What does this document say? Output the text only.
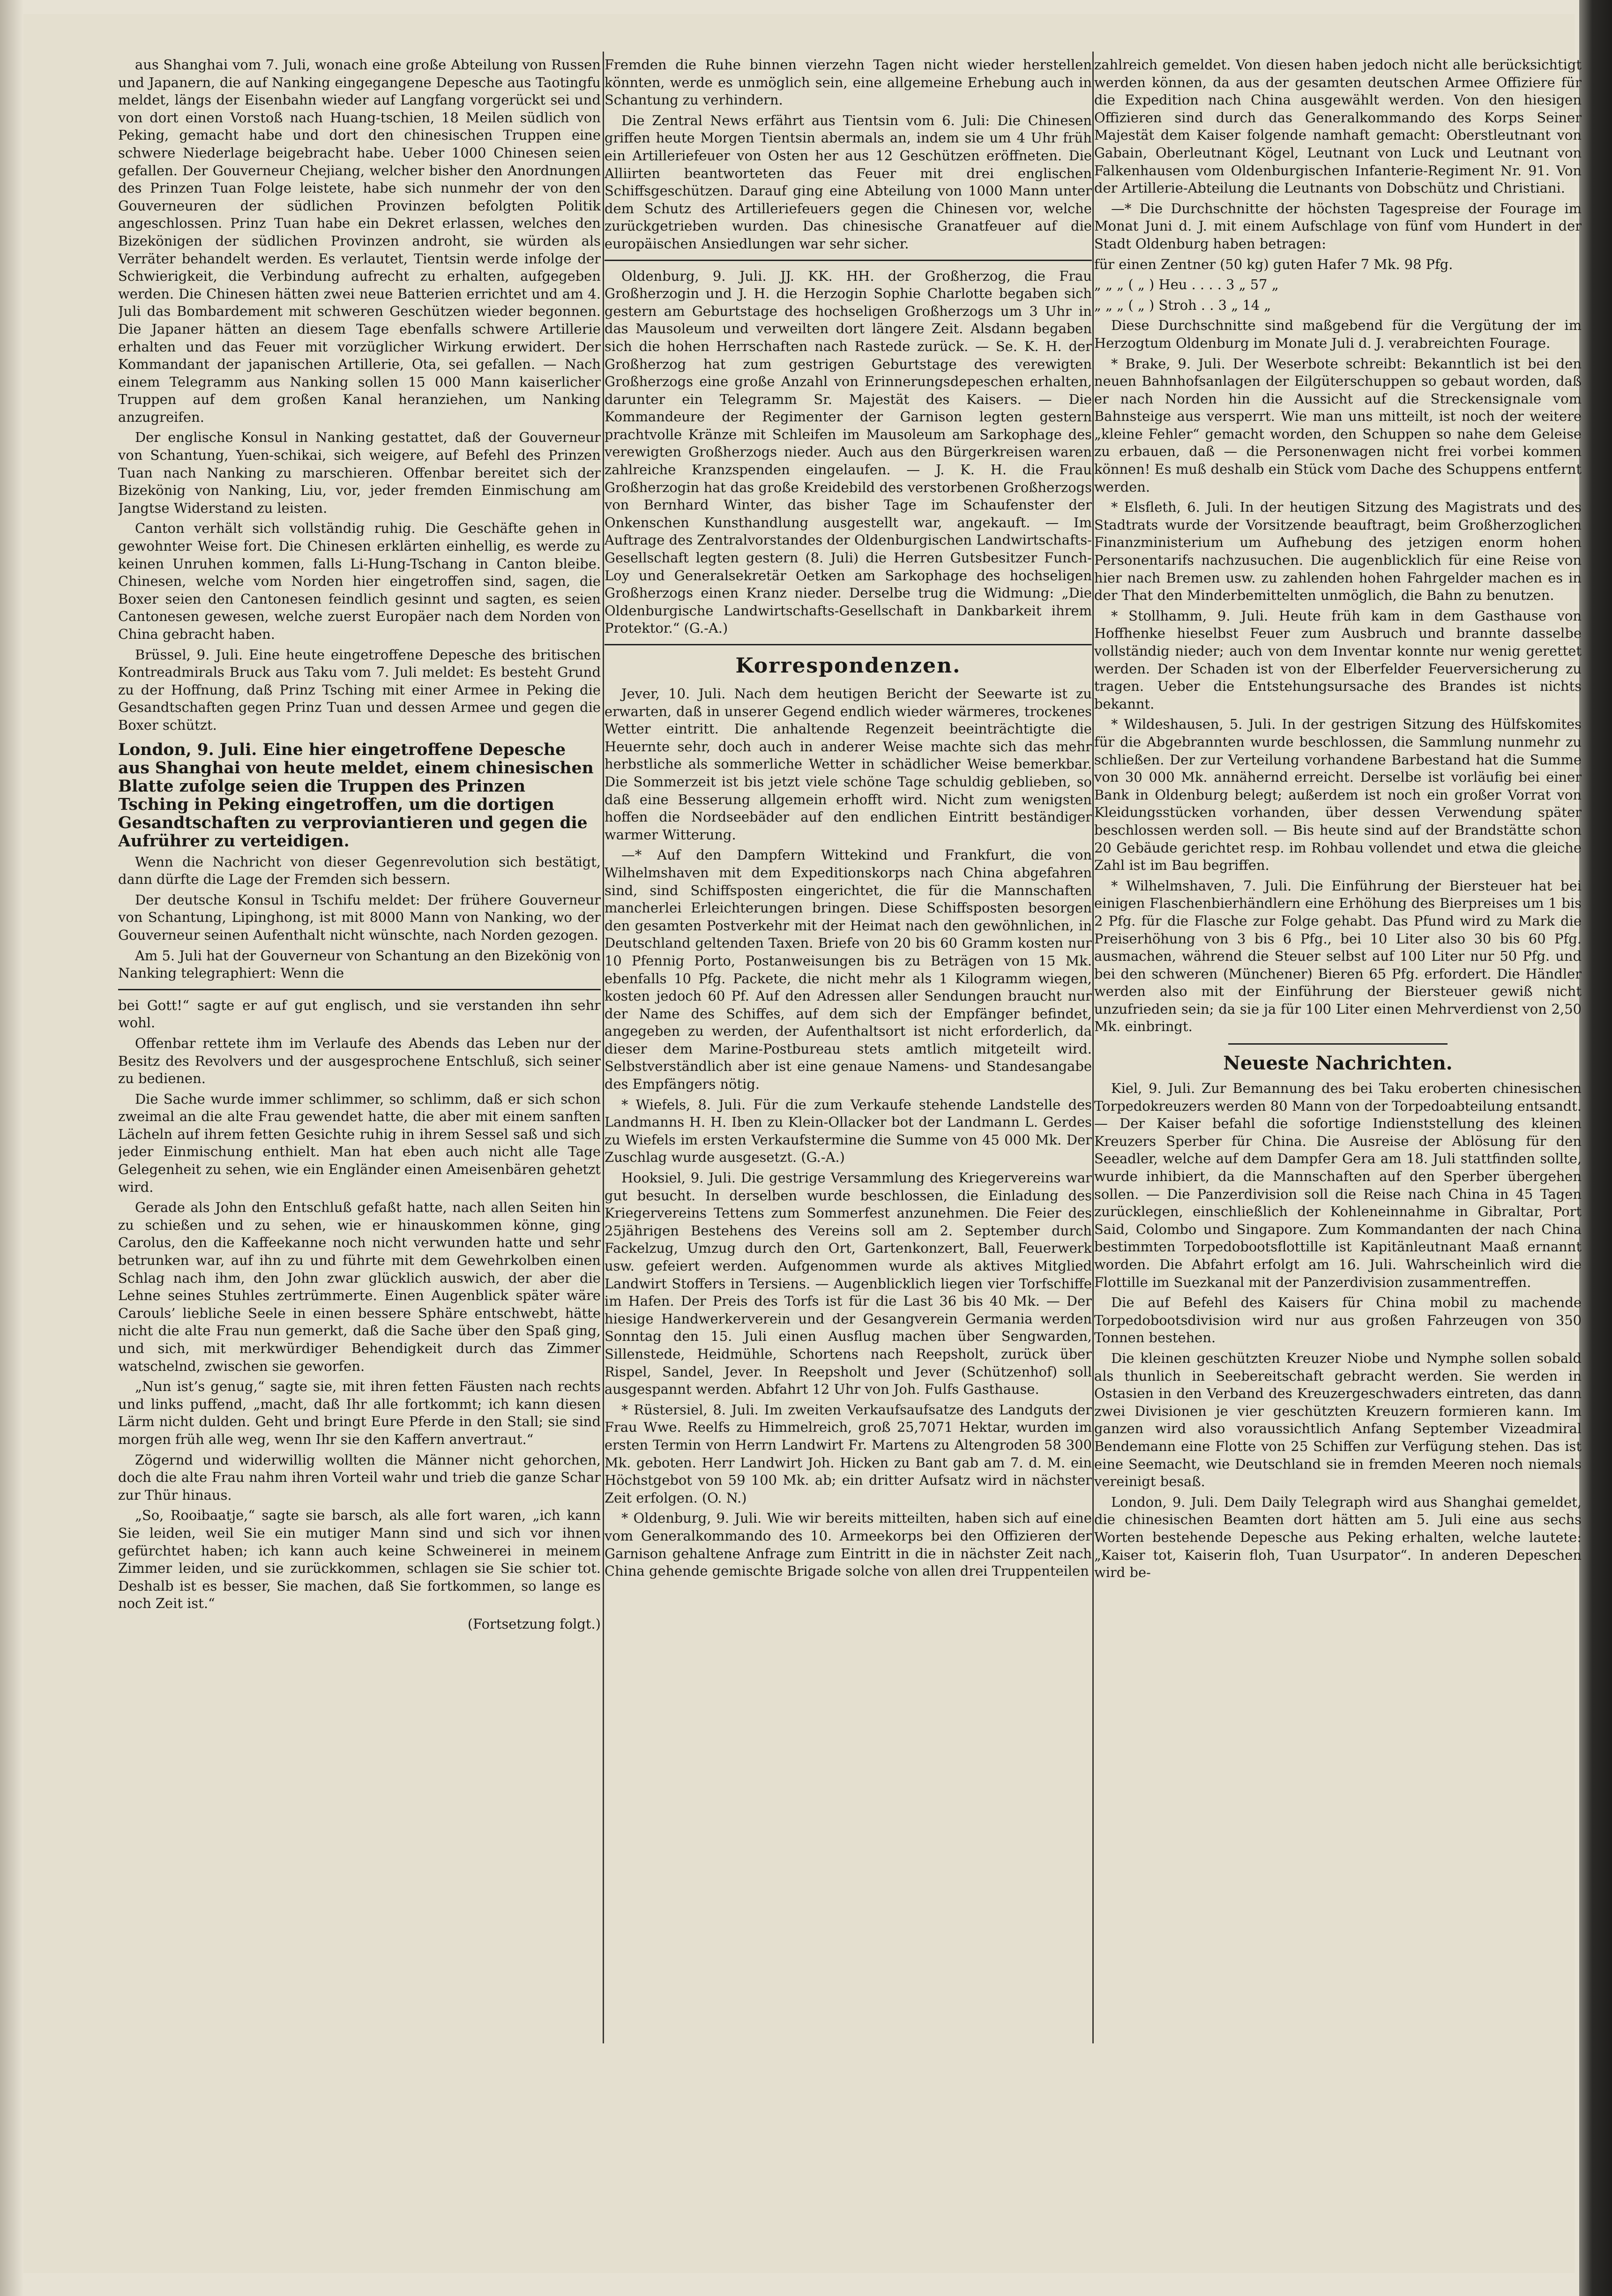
aus Shanghai vom 7. Juli, wonach eine große Abteilung von Russen und Japanern, die auf Nanking eingegangene Depesche aus Taotingfu meldet, längs der Eisenbahn wieder auf Langfang vorgerückt sei und von dort einen Vorstoß nach Huang-tschien, 18 Meilen südlich von Peking, gemacht habe und dort den chinesischen Truppen eine schwere Niederlage beigebracht habe. Ueber 1000 Chinesen seien gefallen. Der Gouverneur Chejiang, welcher bisher den Anordnungen des Prinzen Tuan Folge leistete, habe sich nunmehr der von den Gouverneuren der südlichen Provinzen befolgten Politik angeschlossen. Prinz Tuan habe ein Dekret erlassen, welches den Bizekönigen der südlichen Provinzen androht, sie würden als Verräter behandelt werden. Es verlautet, Tientsin werde infolge der Schwierigkeit, die Verbindung aufrecht zu erhalten, aufgegeben werden. Die Chinesen hätten zwei neue Batterien errichtet und am 4. Juli das Bombardement mit schweren Geschützen wieder begonnen. Die Japaner hätten an diesem Tage ebenfalls schwere Artillerie erhalten und das Feuer mit vorzüglicher Wirkung erwidert. Der Kommandant der japanischen Artillerie, Ota, sei gefallen. — Nach einem Telegramm aus Nanking sollen 15 000 Mann kaiserlicher Truppen auf dem großen Kanal heranziehen, um Nanking anzugreifen.

Der englische Konsul in Nanking gestattet, daß der Gouverneur von Schantung, Yuen-schikai, sich weigere, auf Befehl des Prinzen Tuan nach Nanking zu marschieren. Offenbar bereitet sich der Bizekönig von Nanking, Liu, vor, jeder fremden Einmischung am Jangtse Widerstand zu leisten.

Canton verhält sich vollständig ruhig. Die Geschäfte gehen in gewohnter Weise fort. Die Chinesen erklärten einhellig, es werde zu keinen Unruhen kommen, falls Li-Hung-Tschang in Canton bleibe. Chinesen, welche vom Norden hier eingetroffen sind, sagen, die Boxer seien den Cantonesen feindlich gesinnt und sagten, es seien Cantonesen gewesen, welche zuerst Europäer nach dem Norden von China gebracht haben.

Brüssel, 9. Juli. Eine heute eingetroffene Depesche des britischen Kontreadmirals Bruck aus Taku vom 7. Juli meldet: Es besteht Grund zu der Hoffnung, daß Prinz Tsching mit einer Armee in Peking die Gesandtschaften gegen Prinz Tuan und dessen Armee und gegen die Boxer schützt.

London, 9. Juli. Eine hier eingetroffene Depesche aus Shanghai von heute meldet, einem chinesischen Blatte zufolge seien die Truppen des Prinzen Tsching in Peking eingetroffen, um die dortigen Gesandtschaften zu verproviantieren und gegen die Aufrührer zu verteidigen.

Wenn die Nachricht von dieser Gegenrevolution sich bestätigt, dann dürfte die Lage der Fremden sich bessern.

Der deutsche Konsul in Tschifu meldet: Der frühere Gouverneur von Schantung, Lipinghong, ist mit 8000 Mann von Nanking, wo der Gouverneur seinen Aufenthalt nicht wünschte, nach Norden gezogen.

Am 5. Juli hat der Gouverneur von Schantung an den Bizekönig von Nanking telegraphiert: Wenn die

bei Gott!“ sagte er auf gut englisch, und sie verstanden ihn sehr wohl.

Offenbar rettete ihm im Verlaufe des Abends das Leben nur der Besitz des Revolvers und der ausgesprochene Entschluß, sich seiner zu bedienen.

Die Sache wurde immer schlimmer, so schlimm, daß er sich schon zweimal an die alte Frau gewendet hatte, die aber mit einem sanften Lächeln auf ihrem fetten Gesichte ruhig in ihrem Sessel saß und sich jeder Einmischung enthielt. Man hat eben auch nicht alle Tage Gelegenheit zu sehen, wie ein Engländer einen Ameisenbären gehetzt wird.

Gerade als John den Entschluß gefaßt hatte, nach allen Seiten hin zu schießen und zu sehen, wie er hinauskommen könne, ging Carolus, den die Kaffeekanne noch nicht verwunden hatte und sehr betrunken war, auf ihn zu und führte mit dem Gewehrkolben einen Schlag nach ihm, den John zwar glücklich auswich, der aber die Lehne seines Stuhles zertrümmerte. Einen Augenblick später wäre Carouls’ liebliche Seele in einen bessere Sphäre entschwebt, hätte nicht die alte Frau nun gemerkt, daß die Sache über den Spaß ging, und sich, mit merkwürdiger Behendigkeit durch das Zimmer watschelnd, zwischen sie geworfen.

„Nun ist’s genug,“ sagte sie, mit ihren fetten Fäusten nach rechts und links puffend, „macht, daß Ihr alle fortkommt; ich kann diesen Lärm nicht dulden. Geht und bringt Eure Pferde in den Stall; sie sind morgen früh alle weg, wenn Ihr sie den Kaffern anvertraut.“

Zögernd und widerwillig wollten die Männer nicht gehorchen, doch die alte Frau nahm ihren Vorteil wahr und trieb die ganze Schar zur Thür hinaus.

„So, Rooibaatje,“ sagte sie barsch, als alle fort waren, „ich kann Sie leiden, weil Sie ein mutiger Mann sind und sich vor ihnen gefürchtet haben; ich kann auch keine Schweinerei in meinem Zimmer leiden, und sie zurückkommen, schlagen sie Sie schier tot. Deshalb ist es besser, Sie machen, daß Sie fortkommen, so lange es noch Zeit ist.“

(Fortsetzung folgt.)

Fremden die Ruhe binnen vierzehn Tagen nicht wieder herstellen könnten, werde es unmöglich sein, eine allgemeine Erhebung auch in Schantung zu verhindern.

Die Zentral News erfährt aus Tientsin vom 6. Juli: Die Chinesen griffen heute Morgen Tientsin abermals an, indem sie um 4 Uhr früh ein Artilleriefeuer von Osten her aus 12 Geschützen eröffneten. Die Alliirten beantworteten das Feuer mit drei englischen Schiffsgeschützen. Darauf ging eine Abteilung von 1000 Mann unter dem Schutz des Artilleriefeuers gegen die Chinesen vor, welche zurückgetrieben wurden. Das chinesische Granatfeuer auf die europäischen Ansiedlungen war sehr sicher.

Oldenburg, 9. Juli. JJ. KK. HH. der Großherzog, die Frau Großherzogin und J. H. die Herzogin Sophie Charlotte begaben sich gestern am Geburtstage des hochseligen Großherzogs um 3 Uhr in das Mausoleum und verweilten dort längere Zeit. Alsdann begaben sich die hohen Herrschaften nach Rastede zurück. — Se. K. H. der Großherzog hat zum gestrigen Geburtstage des verewigten Großherzogs eine große Anzahl von Erinnerungsdepeschen erhalten, darunter ein Telegramm Sr. Majestät des Kaisers. — Die Kommandeure der Regimenter der Garnison legten gestern prachtvolle Kränze mit Schleifen im Mausoleum am Sarkophage des verewigten Großherzogs nieder. Auch aus den Bürgerkreisen waren zahlreiche Kranzspenden eingelaufen. — J. K. H. die Frau Großherzogin hat das große Kreidebild des verstorbenen Großherzogs von Bernhard Winter, das bisher Tage im Schaufenster der Onkenschen Kunsthandlung ausgestellt war, angekauft. — Im Auftrage des Zentralvorstandes der Oldenburgischen Landwirtschafts-Gesellschaft legten gestern (8. Juli) die Herren Gutsbesitzer Funch-Loy und Generalsekretär Oetken am Sarkophage des hochseligen Großherzogs einen Kranz nieder. Derselbe trug die Widmung: „Die Oldenburgische Landwirtschafts-Gesellschaft in Dankbarkeit ihrem Protektor.“ (G.-A.)

Korrespondenzen.

Jever, 10. Juli. Nach dem heutigen Bericht der Seewarte ist zu erwarten, daß in unserer Gegend endlich wieder wärmeres, trockenes Wetter eintritt. Die anhaltende Regenzeit beeinträchtigte die Heuernte sehr, doch auch in anderer Weise machte sich das mehr herbstliche als sommerliche Wetter in schädlicher Weise bemerkbar. Die Sommerzeit ist bis jetzt viele schöne Tage schuldig geblieben, so daß eine Besserung allgemein erhofft wird. Nicht zum wenigsten hoffen die Nordseebäder auf den endlichen Eintritt beständiger warmer Witterung.

—* Auf den Dampfern Wittekind und Frankfurt, die von Wilhelmshaven mit dem Expeditionskorps nach China abgefahren sind, sind Schiffsposten eingerichtet, die für die Mannschaften mancherlei Erleichterungen bringen. Diese Schiffsposten besorgen den gesamten Postverkehr mit der Heimat nach den gewöhnlichen, in Deutschland geltenden Taxen. Briefe von 20 bis 60 Gramm kosten nur 10 Pfennig Porto, Postanweisungen bis zu Beträgen von 15 Mk. ebenfalls 10 Pfg. Packete, die nicht mehr als 1 Kilogramm wiegen, kosten jedoch 60 Pf. Auf den Adressen aller Sendungen braucht nur der Name des Schiffes, auf dem sich der Empfänger befindet, angegeben zu werden, der Aufenthaltsort ist nicht erforderlich, da dieser dem Marine-Postbureau stets amtlich mitgeteilt wird. Selbstverständlich aber ist eine genaue Namens- und Standesangabe des Empfängers nötig.

* Wiefels, 8. Juli. Für die zum Verkaufe stehende Landstelle des Landmanns H. H. Iben zu Klein-Ollacker bot der Landmann L. Gerdes zu Wiefels im ersten Verkaufstermine die Summe von 45 000 Mk. Der Zuschlag wurde ausgesetzt. (G.-A.)

Hooksiel, 9. Juli. Die gestrige Versammlung des Kriegervereins war gut besucht. In derselben wurde beschlossen, die Einladung des Kriegervereins Tettens zum Sommerfest anzunehmen. Die Feier des 25jährigen Bestehens des Vereins soll am 2. September durch Fackelzug, Umzug durch den Ort, Gartenkonzert, Ball, Feuerwerk usw. gefeiert werden. Aufgenommen wurde als aktives Mitglied Landwirt Stoffers in Tersiens. — Augenblicklich liegen vier Torfschiffe im Hafen. Der Preis des Torfs ist für die Last 36 bis 40 Mk. — Der hiesige Handwerkerverein und der Gesangverein Germania werden Sonntag den 15. Juli einen Ausflug machen über Sengwarden, Sillenstede, Heidmühle, Schortens nach Reepsholt, zurück über Rispel, Sandel, Jever. In Reepsholt und Jever (Schützenhof) soll ausgespannt werden. Abfahrt 12 Uhr von Joh. Fulfs Gasthause.

* Rüstersiel, 8. Juli. Im zweiten Verkaufsaufsatze des Landguts der Frau Wwe. Reelfs zu Himmelreich, groß 25,7071 Hektar, wurden im ersten Termin von Herrn Landwirt Fr. Martens zu Altengroden 58 300 Mk. geboten. Herr Landwirt Joh. Hicken zu Bant gab am 7. d. M. ein Höchstgebot von 59 100 Mk. ab; ein dritter Aufsatz wird in nächster Zeit erfolgen. (O. N.)

* Oldenburg, 9. Juli. Wie wir bereits mitteilten, haben sich auf eine vom Generalkommando des 10. Armeekorps bei den Offizieren der Garnison gehaltene Anfrage zum Eintritt in die in nächster Zeit nach China gehende gemischte Brigade solche von allen drei Truppenteilen

zahlreich gemeldet. Von diesen haben jedoch nicht alle berücksichtigt werden können, da aus der gesamten deutschen Armee Offiziere für die Expedition nach China ausgewählt werden. Von den hiesigen Offizieren sind durch das Generalkommando des Korps Seiner Majestät dem Kaiser folgende namhaft gemacht: Oberstleutnant von Gabain, Oberleutnant Kögel, Leutnant von Luck und Leutnant von Falkenhausen vom Oldenburgischen Infanterie-Regiment Nr. 91. Von der Artillerie-Abteilung die Leutnants von Dobschütz und Christiani.

—* Die Durchschnitte der höchsten Tagespreise der Fourage im Monat Juni d. J. mit einem Aufschlage von fünf vom Hundert in der Stadt Oldenburg haben betragen:

für einen Zentner (50 kg) guten Hafer 7 Mk. 98 Pfg.

„ „ „ ( „ ) Heu . . . . 3 „ 57 „

„ „ „ ( „ ) Stroh . . 3 „ 14 „

Diese Durchschnitte sind maßgebend für die Vergütung der im Herzogtum Oldenburg im Monate Juli d. J. verabreichten Fourage.

* Brake, 9. Juli. Der Weserbote schreibt: Bekanntlich ist bei den neuen Bahnhofsanlagen der Eilgüterschuppen so gebaut worden, daß er nach Norden hin die Aussicht auf die Streckensignale vom Bahnsteige aus versperrt. Wie man uns mitteilt, ist noch der weitere „kleine Fehler“ gemacht worden, den Schuppen so nahe dem Geleise zu erbauen, daß — die Personenwagen nicht frei vorbei kommen können! Es muß deshalb ein Stück vom Dache des Schuppens entfernt werden.

* Elsfleth, 6. Juli. In der heutigen Sitzung des Magistrats und des Stadtrats wurde der Vorsitzende beauftragt, beim Großherzoglichen Finanzministerium um Aufhebung des jetzigen enorm hohen Personentarifs nachzusuchen. Die augenblicklich für eine Reise von hier nach Bremen usw. zu zahlenden hohen Fahrgelder machen es in der That den Minderbemittelten unmöglich, die Bahn zu benutzen.

* Stollhamm, 9. Juli. Heute früh kam in dem Gasthause von Hoffhenke hieselbst Feuer zum Ausbruch und brannte dasselbe vollständig nieder; auch von dem Inventar konnte nur wenig gerettet werden. Der Schaden ist von der Elberfelder Feuerversicherung zu tragen. Ueber die Entstehungsursache des Brandes ist nichts bekannt.

* Wildeshausen, 5. Juli. In der gestrigen Sitzung des Hülfskomites für die Abgebrannten wurde beschlossen, die Sammlung nunmehr zu schließen. Der zur Verteilung vorhandene Barbestand hat die Summe von 30 000 Mk. annähernd erreicht. Derselbe ist vorläufig bei einer Bank in Oldenburg belegt; außerdem ist noch ein großer Vorrat von Kleidungsstücken vorhanden, über dessen Verwendung später beschlossen werden soll. — Bis heute sind auf der Brandstätte schon 20 Gebäude gerichtet resp. im Rohbau vollendet und etwa die gleiche Zahl ist im Bau begriffen.

* Wilhelmshaven, 7. Juli. Die Einführung der Biersteuer hat bei einigen Flaschenbierhändlern eine Erhöhung des Bierpreises um 1 bis 2 Pfg. für die Flasche zur Folge gehabt. Das Pfund wird zu Mark die Preiserhöhung von 3 bis 6 Pfg., bei 10 Liter also 30 bis 60 Pfg. ausmachen, während die Steuer selbst auf 100 Liter nur 50 Pfg. und bei den schweren (Münchener) Bieren 65 Pfg. erfordert. Die Händler werden also mit der Einführung der Biersteuer gewiß nicht unzufrieden sein; da sie ja für 100 Liter einen Mehrverdienst von 2,50 Mk. einbringt.

Neueste Nachrichten.

Kiel, 9. Juli. Zur Bemannung des bei Taku eroberten chinesischen Torpedokreuzers werden 80 Mann von der Torpedoabteilung entsandt. — Der Kaiser befahl die sofortige Indienststellung des kleinen Kreuzers Sperber für China. Die Ausreise der Ablösung für den Seeadler, welche auf dem Dampfer Gera am 18. Juli stattfinden sollte, wurde inhibiert, da die Mannschaften auf den Sperber übergehen sollen. — Die Panzerdivision soll die Reise nach China in 45 Tagen zurücklegen, einschließlich der Kohleneinnahme in Gibraltar, Port Said, Colombo und Singapore. Zum Kommandanten der nach China bestimmten Torpedobootsflottille ist Kapitänleutnant Maaß ernannt worden. Die Abfahrt erfolgt am 16. Juli. Wahrscheinlich wird die Flottille im Suezkanal mit der Panzerdivision zusammentreffen.

Die auf Befehl des Kaisers für China mobil zu machende Torpedobootsdivision wird nur aus großen Fahrzeugen von 350 Tonnen bestehen.

Die kleinen geschützten Kreuzer Niobe und Nymphe sollen sobald als thunlich in Seebereitschaft gebracht werden. Sie werden in Ostasien in den Verband des Kreuzergeschwaders eintreten, das dann zwei Divisionen je vier geschützten Kreuzern formieren kann. Im ganzen wird also voraussichtlich Anfang September Vizeadmiral Bendemann eine Flotte von 25 Schiffen zur Verfügung stehen. Das ist eine Seemacht, wie Deutschland sie in fremden Meeren noch niemals vereinigt besaß.

London, 9. Juli. Dem Daily Telegraph wird aus Shanghai gemeldet, die chinesischen Beamten dort hätten am 5. Juli eine aus sechs Worten bestehende Depesche aus Peking erhalten, welche lautete: „Kaiser tot, Kaiserin floh, Tuan Usurpator“. In anderen Depeschen wird be-
